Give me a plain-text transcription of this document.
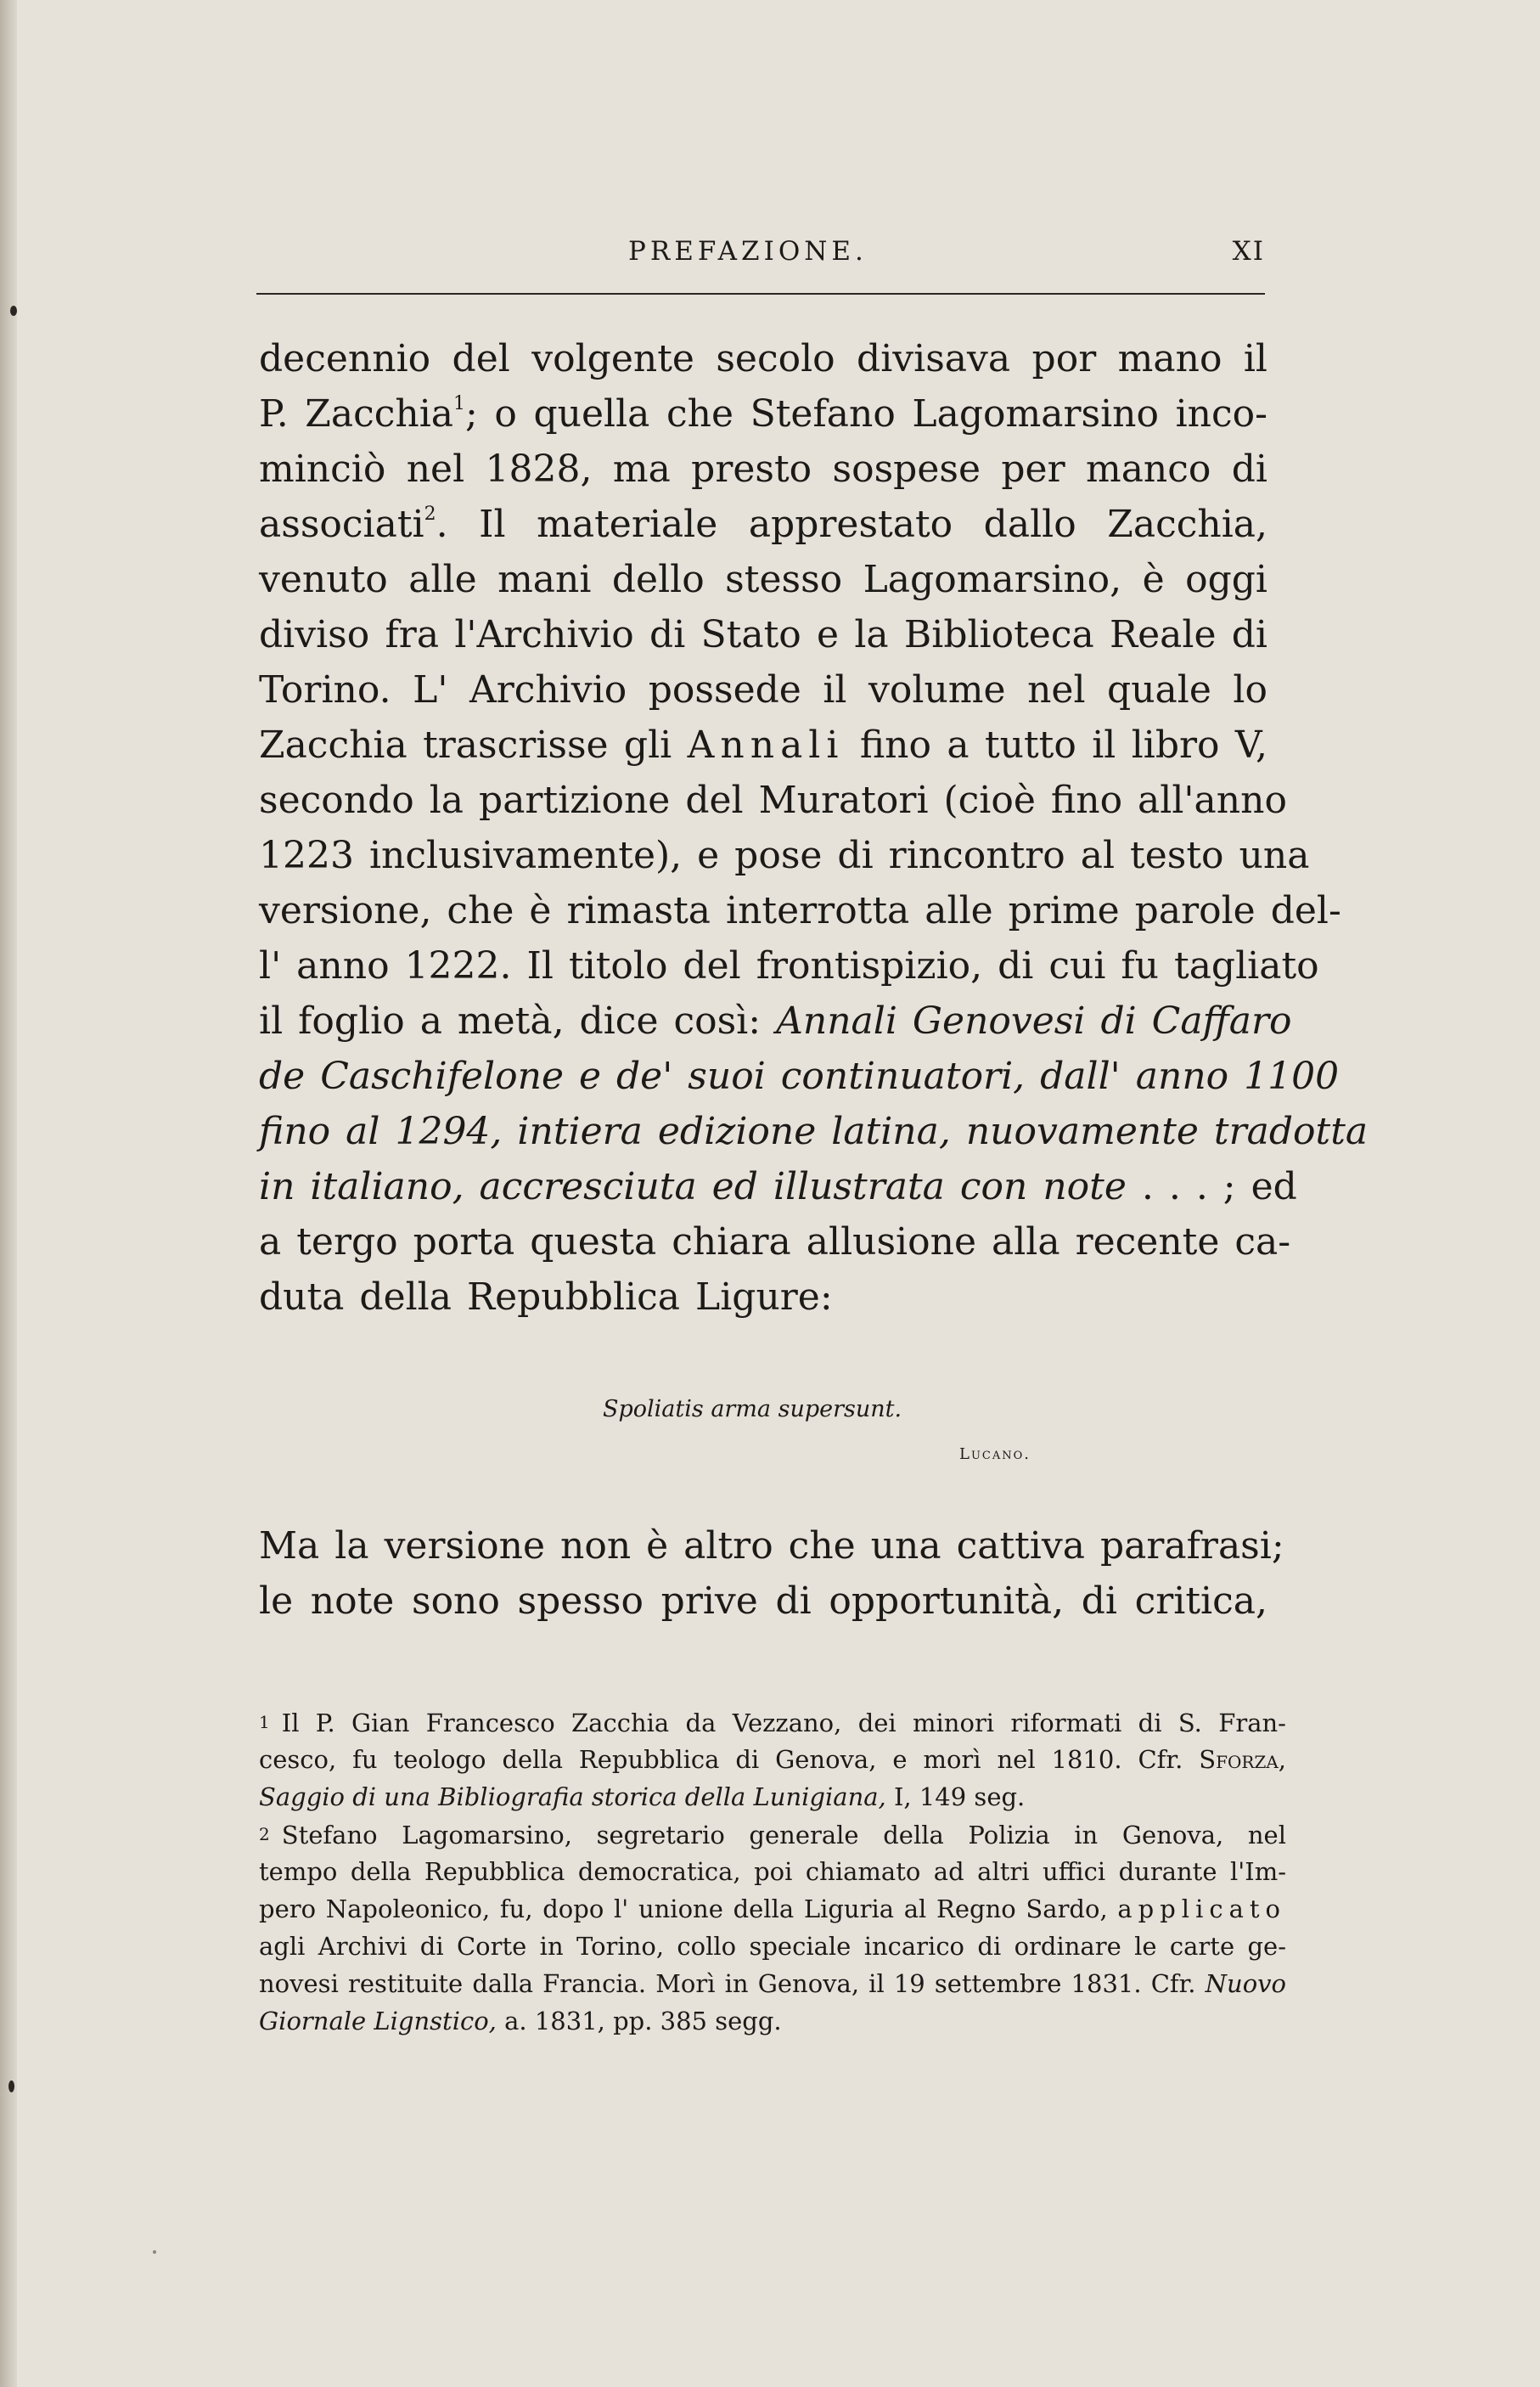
PREFAZIONE.	XI
decennio del volgente secolo divisava por mano il
P. Zacchia$^1$; o quella che Stefano Lagomarsino inco-
minciò nel 1828, ma presto sospese per manco di
associati$^2$. Il materiale apprestato dallo Zacchia,
venuto alle mani dello stesso Lagomarsino, è oggi
diviso fra l'Archivio di Stato e la Biblioteca Reale di
Torino. L' Archivio possede il volume nel quale lo
Zacchia trascrisse gli Annali fino a tutto il libro V,
secondo la partizione del Muratori (cioè fino all'anno
1223 inclusivamente), e pose di rincontro al testo una
versione, che è rimasta interrotta alle prime parole del-
l' anno 1222. Il titolo del frontispizio, di cui fu tagliato
il foglio a metà, dice così: Annali Genovesi di Caffaro
de Caschifelone e de' suoi continuatori, dall' anno 1100
fino al 1294, intiera edizione latina, nuovamente tradotta
in italiano, accresciuta ed illustrata con note . . . ; ed
a tergo porta questa chiara allusione alla recente ca-
duta della Repubblica Ligure:
Spoliatis arma supersunt.
Lucano.
Ma la versione non è altro che una cattiva parafrasi;
le note sono spesso prive di opportunità, di critica,
1 Il P. Gian Francesco Zacchia da Vezzano, dei minori riformati di S. Fran-
cesco, fu teologo della Repubblica di Genova, e morì nel 1810. Cfr. Sforza,
Saggio di una Bibliografia storica della Lunigiana, I, 149 seg.
2 Stefano Lagomarsino, segretario generale della Polizia in Genova, nel
tempo della Repubblica democratica, poi chiamato ad altri uffici durante l'Im-
pero Napoleonico, fu, dopo l' unione della Liguria al Regno Sardo, applicato
agli Archivi di Corte in Torino, collo speciale incarico di ordinare le carte ge-
novesi restituite dalla Francia. Morì in Genova, il 19 settembre 1831. Cfr. Nuovo
Giornale Lignstico, a. 1831, pp. 385 segg.
